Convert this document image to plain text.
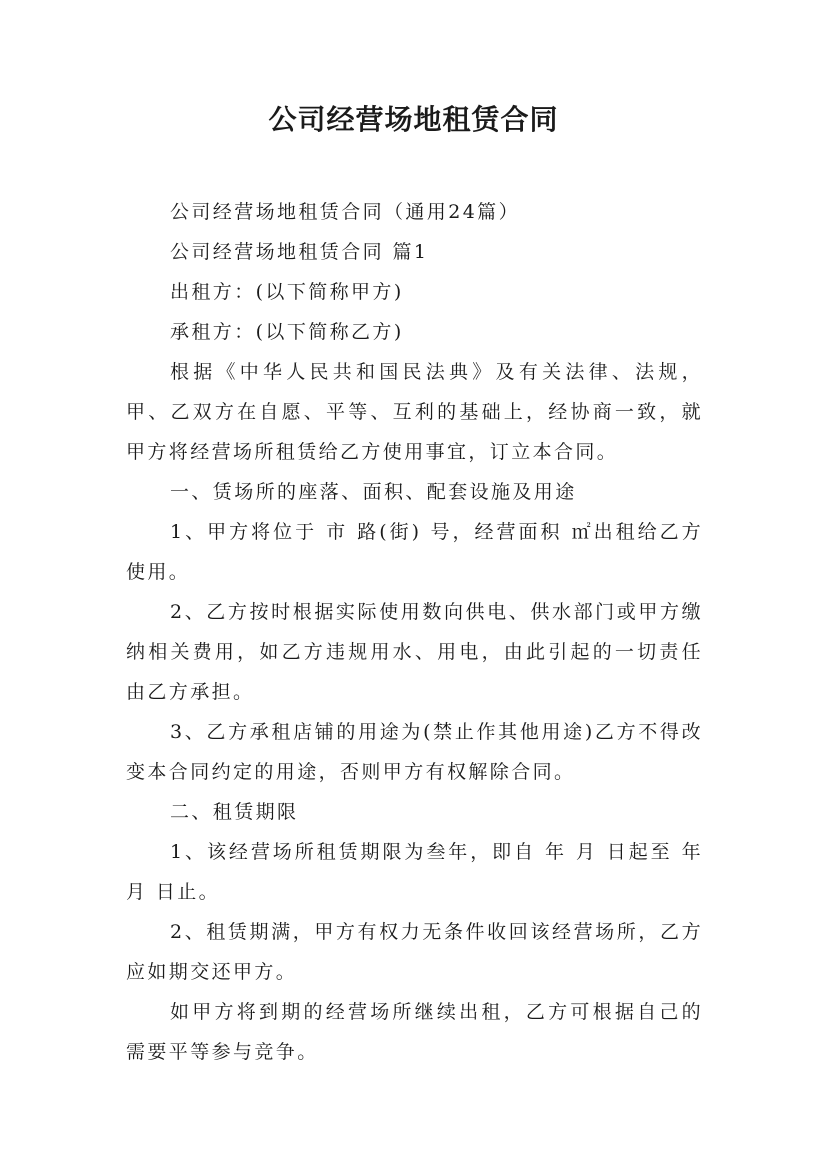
公司经营场地租赁合同

公司经营场地租赁合同（通用24篇）

公司经营场地租赁合同 篇1

出租方：(以下简称甲方)

承租方：(以下简称乙方)

根据《中华人民共和国民法典》及有关法律、法规，甲、乙双方在自愿、平等、互利的基础上，经协商一致，就甲方将经营场所租赁给乙方使用事宜，订立本合同。

一、赁场所的座落、面积、配套设施及用途

1、甲方将位于 市 路(街) 号，经营面积 ㎡出租给乙方使用。

2、乙方按时根据实际使用数向供电、供水部门或甲方缴纳相关费用，如乙方违规用水、用电，由此引起的一切责任由乙方承担。

3、乙方承租店铺的用途为(禁止作其他用途)乙方不得改变本合同约定的用途，否则甲方有权解除合同。

二、租赁期限

1、该经营场所租赁期限为叁年，即自 年 月 日起至 年 月 日止。

2、租赁期满，甲方有权力无条件收回该经营场所，乙方应如期交还甲方。

如甲方将到期的经营场所继续出租，乙方可根据自己的需要平等参与竞争。
